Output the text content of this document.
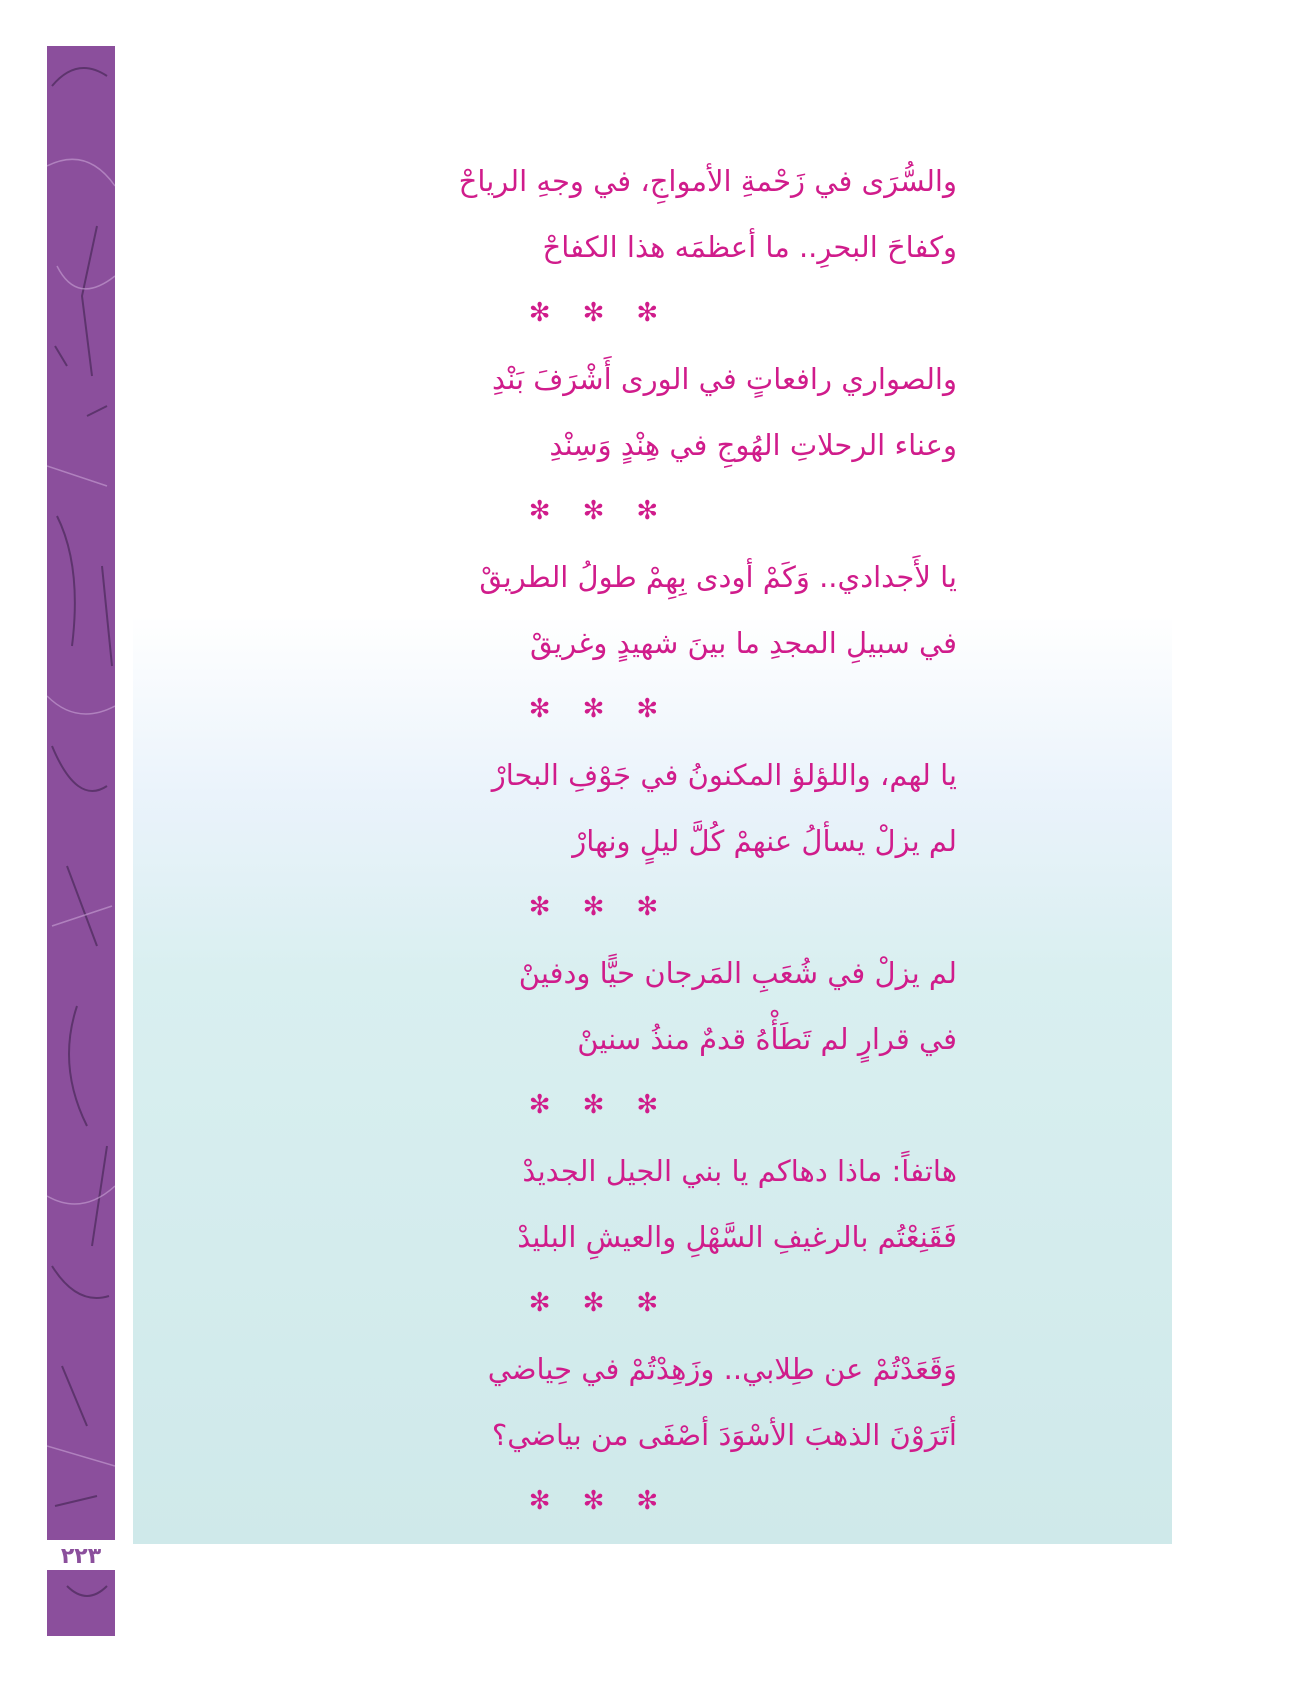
٢٢٣
والسُّرَى في زَحْمةِ الأمواجِ، في وجهِ الرياحْ
وكفاحَ البحرِ.. ما أعظمَه هذا الكفاحْ
✻ ✻ ✻
والصواري رافعاتٍ في الورى أَشْرَفَ بَنْدِ
وعناء الرحلاتِ الهُوجِ في هِنْدٍ وَسِنْدِ
✻ ✻ ✻
يا لأَجدادي.. وَكَمْ أودى بِهِمْ طولُ الطريقْ
في سبيلِ المجدِ ما بينَ شهيدٍ وغريقْ
✻ ✻ ✻
يا لهم، واللؤلؤ المكنونُ في جَوْفِ البحارْ
لم يزلْ يسألُ عنهمْ كُلَّ ليلٍ ونهارْ
✻ ✻ ✻
لم يزلْ في شُعَبِ المَرجان حيًّا ودفينْ
في قرارٍ لم تَطَأْهُ قدمٌ منذُ سنينْ
✻ ✻ ✻
هاتفاً: ماذا دهاكم يا بني الجيل الجديدْ
فَقَنِعْتُم بالرغيفِ السَّهْلِ والعيشِ البليدْ
✻ ✻ ✻
وَقَعَدْتُمْ عن طِلابي.. وزَهِدْتُمْ في حِياضي
أتَرَوْنَ الذهبَ الأسْوَدَ أصْفَى من بياضي؟
✻ ✻ ✻
